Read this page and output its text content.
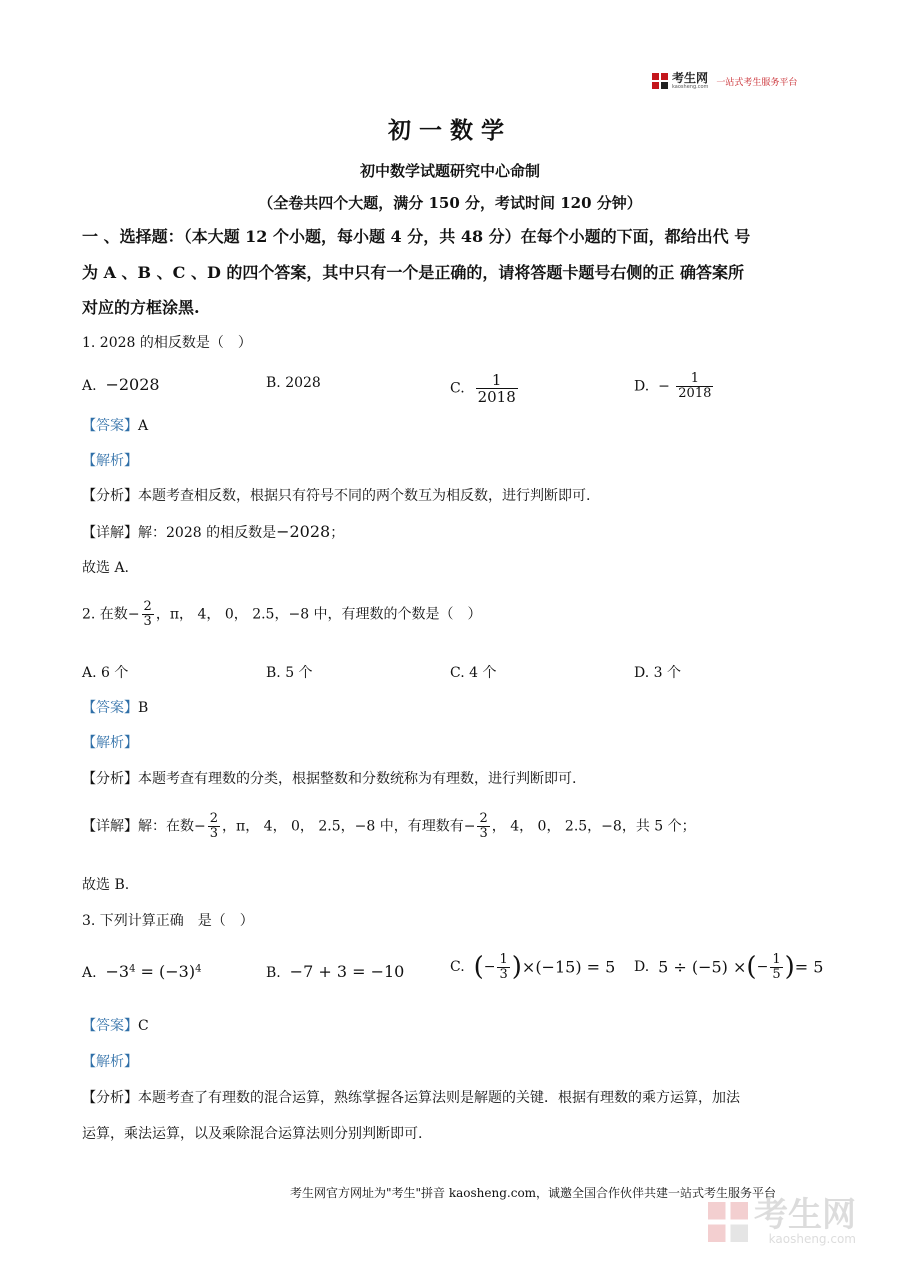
考生网
kaosheng.com 一站式考生服务平台
初一数学
初中数学试题研究中心命制
（全卷共四个大题，满分 150 分，考试时间 120 分钟）
一 、选择题：（本大题 12 个小题，每小题 4 分，共 48 分）在每个小题的下面，都给出代 号
为 A 、B 、C 、D 的四个答案，其中只有一个是正确的，请将答题卡题号右侧的正 确答案所
对应的方框涂黑.
1. 2028 的相反数是（　）
A. −2028	B. 2028	C. $\frac{1}{2018}$	D. − $\frac{1}{2018}$
【答案】A
【解析】
【分析】本题考查相反数，根据只有符号不同的两个数互为相反数，进行判断即可.
【详解】解：2028 的相反数是−2028；
故选 A.
2. 在数− $\frac{2}{3}$ ，π， 4， 0， 2.5，−8 中，有理数的个数是（　）
A. 6 个	B. 5 个	C. 4 个	D. 3 个
【答案】B
【解析】
【分析】本题考查有理数的分类，根据整数和分数统称为有理数，进行判断即可.
【详解】解：在数− $\frac{2}{3}$ ，π， 4， 0， 2.5，−8 中，有理数有− $\frac{2}{3}$ ， 4， 0， 2.5，−8，共 5 个；
故选 B.
3. 下列计算正确　是（　）
A. $-3^4 = (-3)^4$	B. −7 + 3 = −10	C. (− $\frac{1}{3} )\times(-15) = 5$ D. 5 ÷ (−5) ×(− $\frac{1}{5}$ )= 5
【答案】C
【解析】
【分析】本题考查了有理数的混合运算，熟练掌握各运算法则是解题的关键．根据有理数的乘方运算，加法
运算，乘法运算，以及乘除混合运算法则分别判断即可.
考生网官方网址为"考生"拼音 kaosheng.com，诚邀全国合作伙伴共建一站式考生服务平台
考生网
kaosheng.com
